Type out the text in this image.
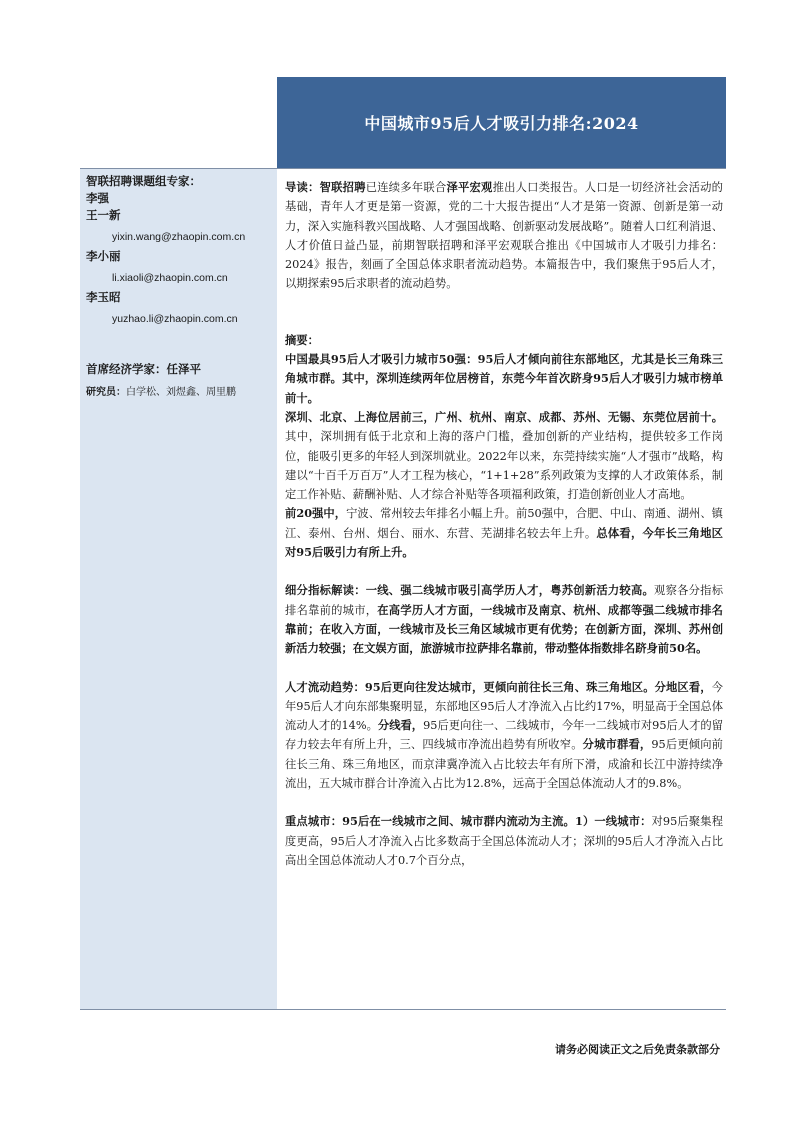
中国城市95后人才吸引力排名:2024
智联招聘课题组专家：
李强
王一新
yixin.wang@zhaopin.com.cn
李小丽
li.xiaoli@zhaopin.com.cn
李玉昭
yuzhao.li@zhaopin.com.cn
首席经济学家：任泽平
研究员：白学松、刘煜鑫、周里鹏

导读：智联招聘已连续多年联合泽平宏观推出人口类报告。人口是一切经济社会活动的基础，青年人才更是第一资源，党的二十大报告提出“人才是第一资源、创新是第一动力，深入实施科教兴国战略、人才强国战略、创新驱动发展战略”。随着人口红利消退、人才价值日益凸显，前期智联招聘和泽平宏观联合推出《中国城市人才吸引力排名：2024》报告，刻画了全国总体求职者流动趋势。本篇报告中，我们聚焦于95后人才，以期探索95后求职者的流动趋势。

摘要：

中国最具95后人才吸引力城市50强：95后人才倾向前往东部地区，尤其是长三角珠三角城市群。其中，深圳连续两年位居榜首，东莞今年首次跻身95后人才吸引力城市榜单前十。

深圳、北京、上海位居前三，广州、杭州、南京、成都、苏州、无锡、东莞位居前十。其中，深圳拥有低于北京和上海的落户门槛，叠加创新的产业结构，提供较多工作岗位，能吸引更多的年轻人到深圳就业。2022年以来，东莞持续实施“人才强市”战略，构建以“十百千万百万”人才工程为核心，“1+1+28”系列政策为支撑的人才政策体系，制定工作补贴、薪酬补贴、人才综合补贴等各项福利政策，打造创新创业人才高地。

前20强中，宁波、常州较去年排名小幅上升。前50强中，合肥、中山、南通、湖州、镇江、泰州、台州、烟台、丽水、东营、芜湖排名较去年上升。总体看，今年长三角地区对95后吸引力有所上升。

细分指标解读：一线、强二线城市吸引高学历人才，粤苏创新活力较高。观察各分指标排名靠前的城市，在高学历人才方面，一线城市及南京、杭州、成都等强二线城市排名靠前；在收入方面，一线城市及长三角区域城市更有优势；在创新方面，深圳、苏州创新活力较强；在文娱方面，旅游城市拉萨排名靠前，带动整体指数排名跻身前50名。

人才流动趋势：95后更向往发达城市，更倾向前往长三角、珠三角地区。分地区看，今年95后人才向东部集聚明显，东部地区95后人才净流入占比约17%，明显高于全国总体流动人才的14%。分线看，95后更向往一、二线城市，今年一二线城市对95后人才的留存力较去年有所上升，三、四线城市净流出趋势有所收窄。分城市群看，95后更倾向前往长三角、珠三角地区，而京津冀净流入占比较去年有所下滑，成渝和长江中游持续净流出，五大城市群合计净流入占比为12.8%，远高于全国总体流动人才的9.8%。

重点城市：95后在一线城市之间、城市群内流动为主流。1）一线城市：对95后聚集程度更高，95后人才净流入占比多数高于全国总体流动人才；深圳的95后人才净流入占比高出全国总体流动人才0.7个百分点，

请务必阅读正文之后免责条款部分
